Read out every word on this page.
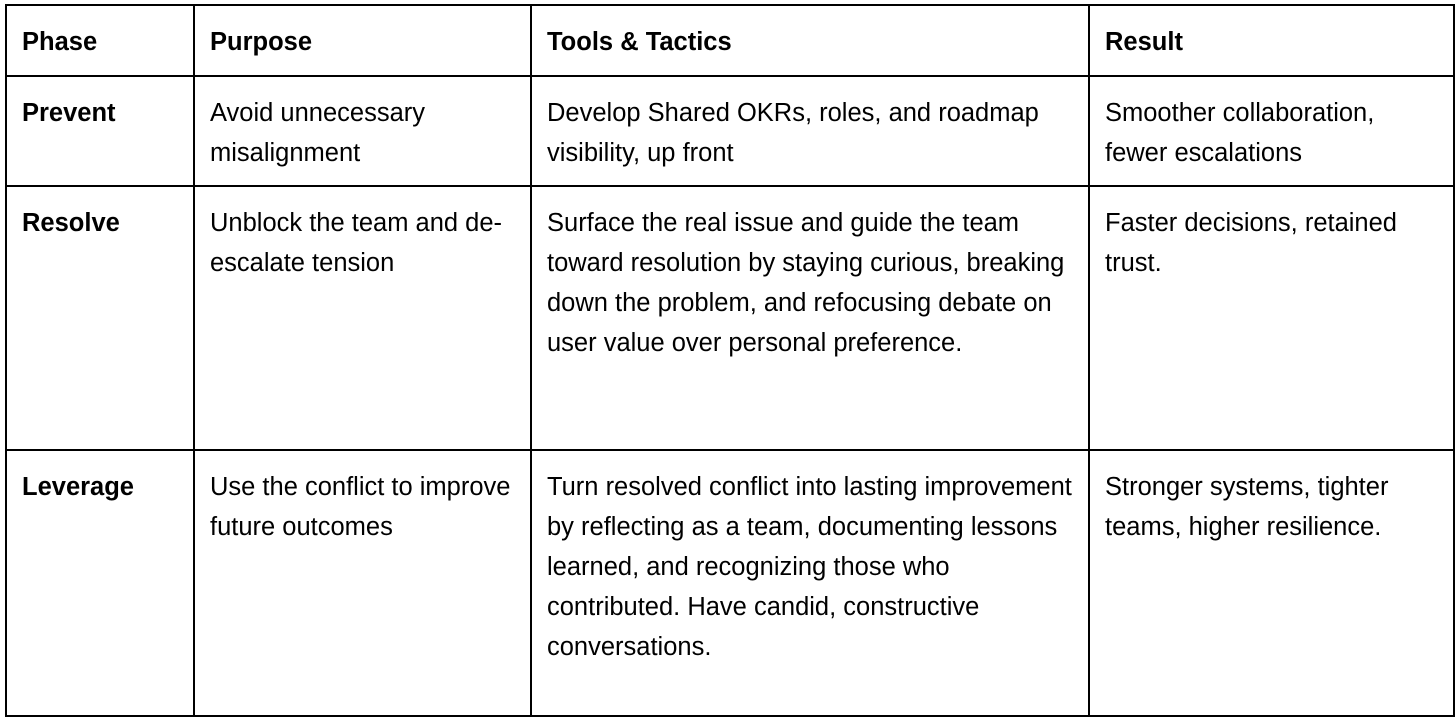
Phase	Purpose	Tools & Tactics	Result

Prevent	Avoid unnecessary misalignment	Develop Shared OKRs, roles, and roadmap visibility, up front	Smoother collaboration, fewer escalations

Resolve	Unblock the team and de-escalate tension	Surface the real issue and guide the team toward resolution by staying curious, breaking down the problem, and refocusing debate on user value over personal preference.	Faster decisions, retained trust.

Leverage	Use the conflict to improve future outcomes	Turn resolved conflict into lasting improvement by reflecting as a team, documenting lessons learned, and recognizing those who contributed. Have candid, constructive conversations.	Stronger systems, tighter teams, higher resilience.
